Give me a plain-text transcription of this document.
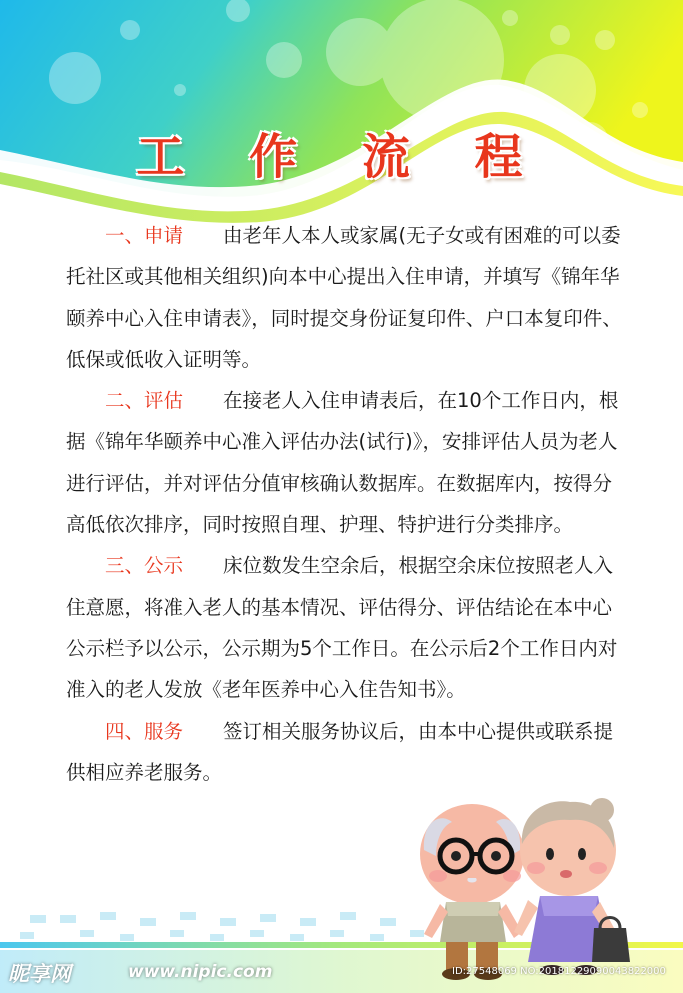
工 作 流 程

一、申请 由老年人本人或家属(无子女或有困难的可以委托社区或其他相关组织)向本中心提出入住申请，并填写《锦年华颐养中心入住申请表》，同时提交身份证复印件、户口本复印件、低保或低收入证明等。

二、评估 在接老人入住申请表后，在10个工作日内，根据《锦年华颐养中心准入评估办法(试行)》，安排评估人员为老人进行评估，并对评估分值审核确认数据库。在数据库内，按得分高低依次排序，同时按照自理、护理、特护进行分类排序。

三、公示 床位数发生空余后，根据空余床位按照老人入住意愿，将准入老人的基本情况、评估得分、评估结论在本中心公示栏予以公示，公示期为5个工作日。在公示后2个工作日内对准入的老人发放《老年医养中心入住告知书》。

四、服务 签订相关服务协议后，由本中心提供或联系提供相应养老服务。

昵享网	www.nipic.com	ID:27548069 NO:20181229090043822000
